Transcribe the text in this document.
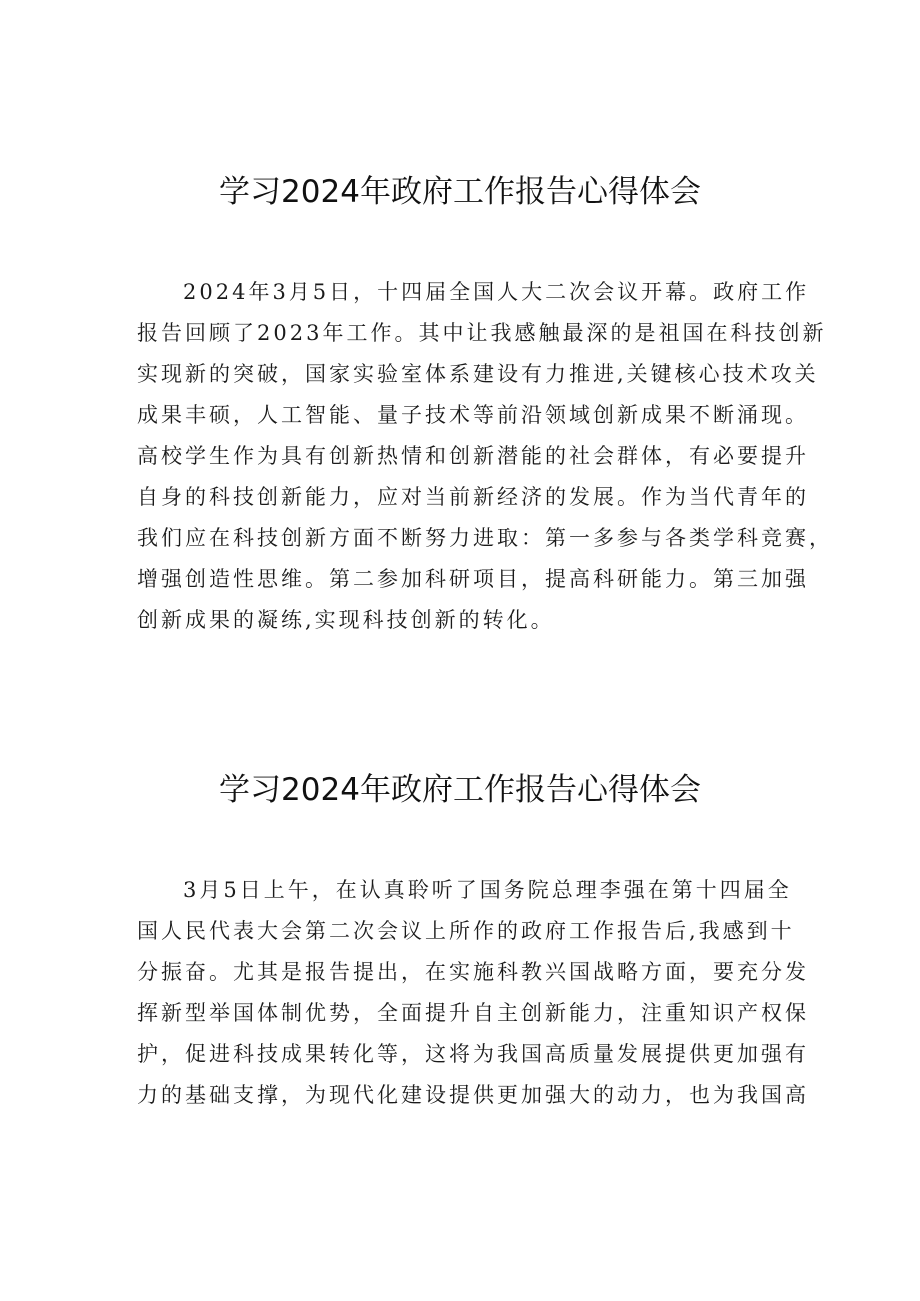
学习2024年政府工作报告心得体会
2024年3月5日，十四届全国人大二次会议开幕。政府工作
报告回顾了2023年工作。其中让我感触最深的是祖国在科技创新
实现新的突破，国家实验室体系建设有力推进,关键核心技术攻关
成果丰硕，人工智能、量子技术等前沿领域创新成果不断涌现。
高校学生作为具有创新热情和创新潜能的社会群体，有必要提升
自身的科技创新能力，应对当前新经济的发展。作为当代青年的
我们应在科技创新方面不断努力进取：第一多参与各类学科竞赛，
增强创造性思维。第二参加科研项目，提高科研能力。第三加强
创新成果的凝练,实现科技创新的转化。
学习2024年政府工作报告心得体会
3月5日上午，在认真聆听了国务院总理李强在第十四届全
国人民代表大会第二次会议上所作的政府工作报告后,我感到十
分振奋。尤其是报告提出，在实施科教兴国战略方面，要充分发
挥新型举国体制优势，全面提升自主创新能力，注重知识产权保
护，促进科技成果转化等，这将为我国高质量发展提供更加强有
力的基础支撑，为现代化建设提供更加强大的动力，也为我国高
